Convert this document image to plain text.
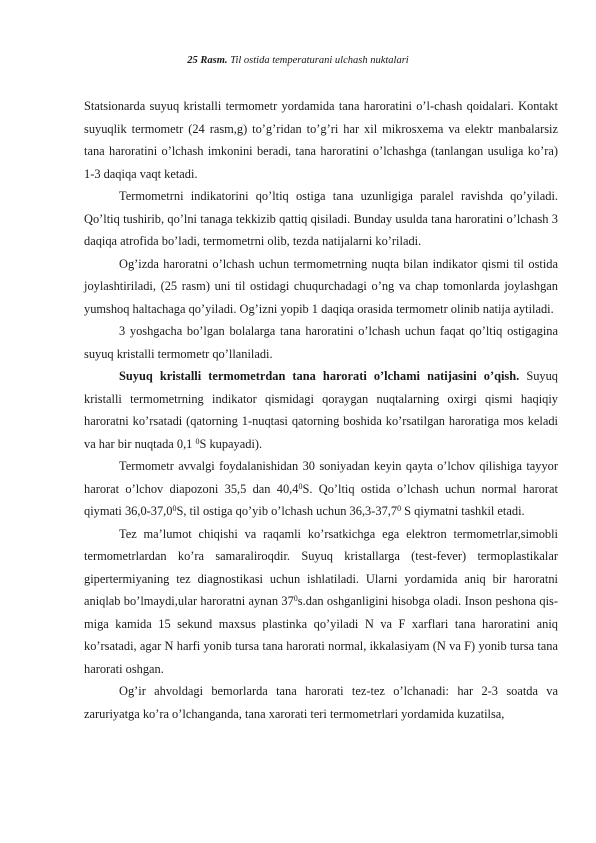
25 Rasm. Til ostida temperaturani ulchash nuktalari

Statsionarda suyuq kristalli termometr yordamida tana haroratini o’l-chash qoidalari. Kontakt suyuqlik termometr (24 rasm,g) to’g’ridan to’g’ri har xil mikrosxema va elektr manbalarsiz tana haroratini o’lchash imkonini beradi, tana haroratini o’lchashga (tanlangan usuliga ko’ra) 1-3 daqiqa vaqt ketadi.

Termometrni indikatorini qo’ltiq ostiga tana uzunligiga paralel ravishda qo’yiladi. Qo’ltiq tushirib, qo’lni tanaga tekkizib qattiq qisiladi. Bunday usulda tana haroratini o’lchash 3 daqiqa atrofida bo’ladi, termometrni olib, tezda natijalarni ko’riladi.

Og’izda haroratni o’lchash uchun termometrning nuqta bilan indikator qismi til ostida joylashtiriladi, (25 rasm) uni til ostidagi chuqurchadagi o’ng va chap tomonlarda joylashgan yumshoq haltachaga qo’yiladi. Og’izni yopib 1 daqiqa orasida termometr olinib natija aytiladi.

3 yoshgacha bo’lgan bolalarga tana haroratini o’lchash uchun faqat qo’ltiq ostigagina suyuq kristalli termometr qo’llaniladi.

Suyuq kristalli termometrdan tana harorati o’lchami natijasini o’qish. Suyuq kristalli termometrning indikator qismidagi qoraygan nuqtalarning oxirgi qismi haqiqiy haroratni ko’rsatadi (qatorning 1-nuqtasi qatorning boshida ko’rsatilgan haroratiga mos keladi va har bir nuqtada 0,1 $^0$S kupayadi).

Termometr avvalgi foydalanishidan 30 soniyadan keyin qayta o’lchov qilishiga tayyor harorat o’lchov diapozoni 35,5 dan 40,4$^0$S. Qo’ltiq ostida o’lchash uchun normal harorat qiymati 36,0-37,0$^0$S, til ostiga qo’yib o’lchash uchun 36,3-37,7$^0$ S qiymatni tashkil etadi.

Tez ma’lumot chiqishi va raqamli ko’rsatkichga ega elektron termometrlar,simobli termometrlardan ko’ra samaraliroqdir. Suyuq kristallarga (test-fever) termoplastikalar gipertermiyaning tez diagnostikasi uchun ishlatiladi. Ularni yordamida aniq bir haroratni aniqlab bo’lmaydi,ular haroratni aynan $37^0s.dan$ oshganligini hisobga oladi. Inson peshona qis-miga kamida 15 sekund maxsus plastinka qo’yiladi N va F xarflari tana haroratini aniq ko’rsatadi, agar N harfi yonib tursa tana harorati normal, ikkalasiyam (N va F) yonib tursa tana harorati oshgan.

Og’ir ahvoldagi bemorlarda tana harorati tez-tez o’lchanadi: har 2-3 soatda va zaruriyatga ko’ra o’lchanganda, tana xarorati teri termometrlari yordamida kuzatilsa,
